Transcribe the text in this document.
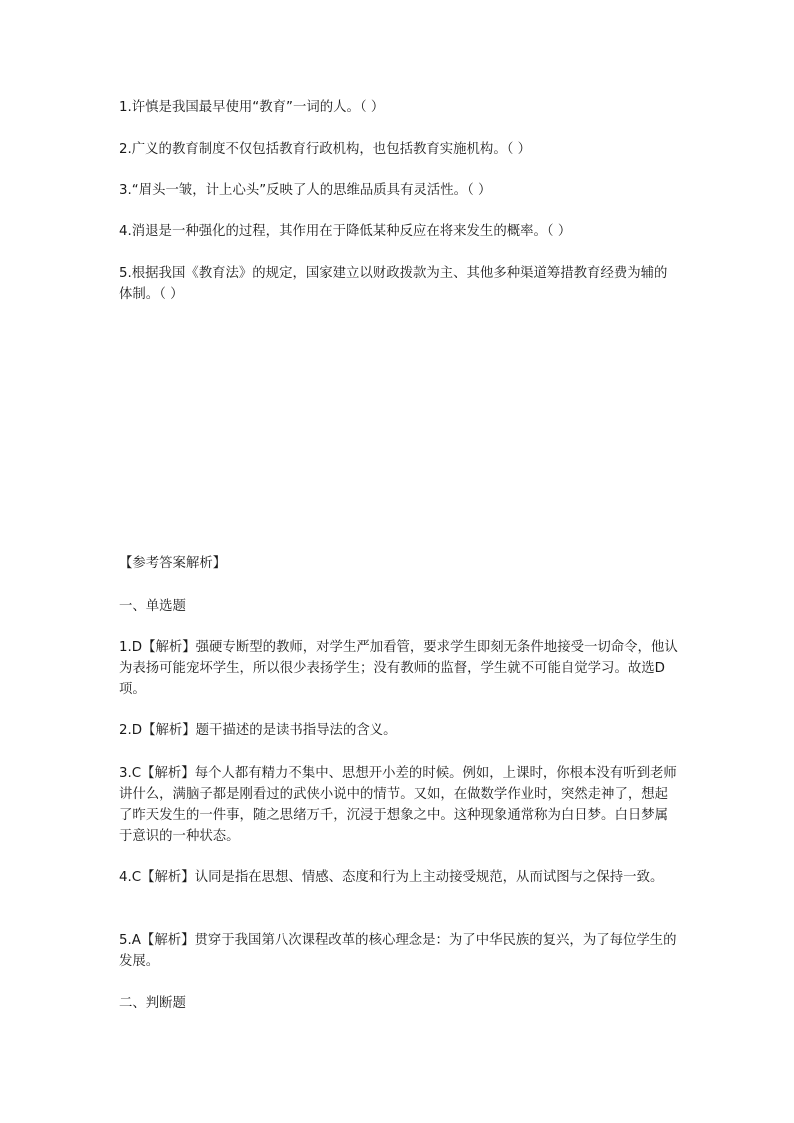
1.许慎是我国最早使用“教育”一词的人。（ ）

2.广义的教育制度不仅包括教育行政机构，也包括教育实施机构。（ ）

3.“眉头一皱，计上心头”反映了人的思维品质具有灵活性。（ ）

4.消退是一种强化的过程，其作用在于降低某种反应在将来发生的概率。（ ）

5.根据我国《教育法》的规定，国家建立以财政拨款为主、其他多种渠道筹措教育经费为辅的体制。（ ）

【参考答案解析】

一、单选题

1.D【解析】强硬专断型的教师，对学生严加看管，要求学生即刻无条件地接受一切命令，他认为表扬可能宠坏学生，所以很少表扬学生；没有教师的监督，学生就不可能自觉学习。故选D项。

2.D【解析】题干描述的是读书指导法的含义。

3.C【解析】每个人都有精力不集中、思想开小差的时候。例如，上课时，你根本没有听到老师讲什么，满脑子都是刚看过的武侠小说中的情节。又如，在做数学作业时，突然走神了，想起了昨天发生的一件事，随之思绪万千，沉浸于想象之中。这种现象通常称为白日梦。白日梦属于意识的一种状态。

4.C【解析】认同是指在思想、情感、态度和行为上主动接受规范，从而试图与之保持一致。

5.A【解析】贯穿于我国第八次课程改革的核心理念是：为了中华民族的复兴，为了每位学生的发展。

二、判断题
